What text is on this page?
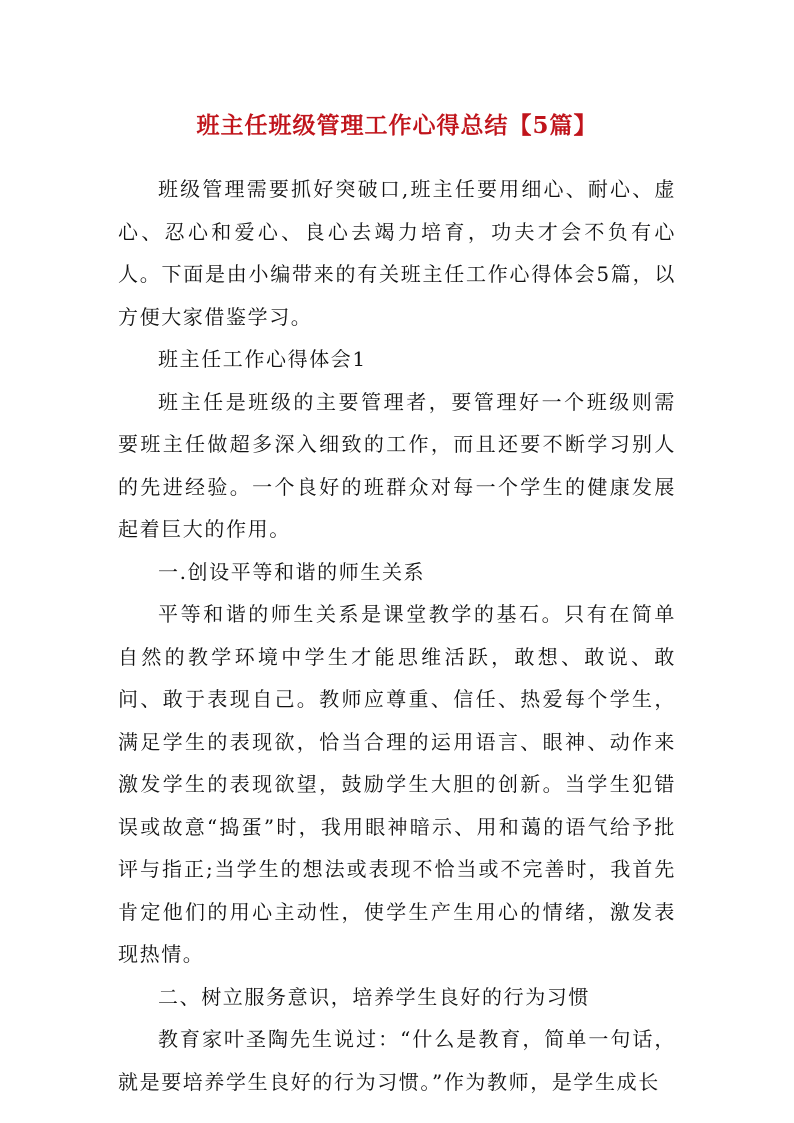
班主任班级管理工作心得总结【5篇】

班级管理需要抓好突破口,班主任要用细心、耐心、虚心、忍心和爱心、良心去竭力培育，功夫才会不负有心人。下面是由小编带来的有关班主任工作心得体会5篇，以方便大家借鉴学习。

班主任工作心得体会1

班主任是班级的主要管理者，要管理好一个班级则需要班主任做超多深入细致的工作，而且还要不断学习别人的先进经验。一个良好的班群众对每一个学生的健康发展起着巨大的作用。

一.创设平等和谐的师生关系

平等和谐的师生关系是课堂教学的基石。只有在简单自然的教学环境中学生才能思维活跃，敢想、敢说、敢问、敢于表现自己。教师应尊重、信任、热爱每个学生，满足学生的表现欲，恰当合理的运用语言、眼神、动作来激发学生的表现欲望，鼓励学生大胆的创新。当学生犯错误或故意“捣蛋”时，我用眼神暗示、用和蔼的语气给予批评与指正;当学生的想法或表现不恰当或不完善时，我首先肯定他们的用心主动性，使学生产生用心的情绪，激发表现热情。

二、树立服务意识，培养学生良好的行为习惯

教育家叶圣陶先生说过：“什么是教育，简单一句话，就是要培养学生良好的行为习惯。”作为教师，是学生成长
